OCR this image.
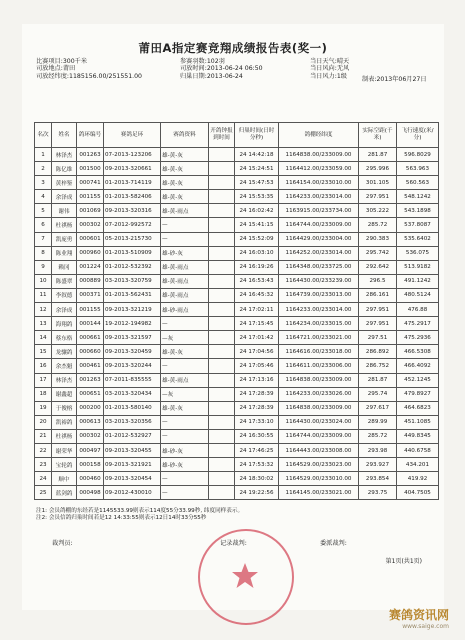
莆田A指定赛竞翔成绩报告表(奖一)
比赛项目: 300千米
司放地点: 莆田
司放经纬度: 1185156.00/251551.00
参赛羽数: 102羽
司放时间: 2013-06-24 06:50
归巢日期: 2013-06-24
当日天气: 晴天
当日风向: 无风
当日风力: 1级 制表:2013年06月27日
名次	姓名	鸽环编号	赛鸽足环	赛鸽资料	开鸽钟报到时间	归巢时间(日时分秒)	鸽棚经纬度	实际空距(千米)	飞行速度(米/分)
1	林泽杰	001263	07-2013-123206	雄-黄-灰		24 14:42:18	1164838.00/233009.00	281.87	596.8029
2	陈亿维	001500	09-2013-320661	雄-黄-灰		24 15:24:51	1164412.00/233059.00	295.996	563.963
3	黄梓鉴	000741	01-2013-714119	雄-黄-灰		24 15:47:53	1164154.00/233010.00	301.105	560.563
4	余泽成	001155	01-2013-582406	雄-黄-灰		24 15:53:35	1164233.00/233014.00	297.951	548.1242
5	谢伟	001069	09-2013-320316	雄-黄-雨点		24 16:02:42	1163915.00/233734.00	305.222	543.1898
6	杜祺杨	000302	07-2012-992572	—		24 15:41:15	1164744.00/233009.00	285.72	537.8087
7	凯庞勇	000601	05-2013-215730	—		24 15:52:09	1164429.00/233004.00	290.383	535.6402
8	陈业翔	000960	01-2013-510909	雄-砂-灰		24 16:03:10	1164252.00/233014.00	295.742	536.075
9	赖冈	001224	01-2012-532392	雄-黄-雨点		24 16:19:26	1164348.00/233725.00	292.642	513.9182
10	陈盛翠	000889	03-2013-320759	雄-黄-雨点		24 16:53:43	1164430.00/233239.00	296.5	491.1242
11	李叙德	000371	01-2013-562431	雄-黄-雨点		24 16:45:32	1164739.00/233013.00	286.161	480.5124
12	余泽成	001155	09-2013-321219	雄-砂-雨点		24 17:02:11	1164233.00/233014.00	297.951	476.88
13	海翔鸽	000144	19-2012-194982	—		24 17:15:45	1164234.00/233015.00	297.951	475.2917
14	蔡东格	000661	09-2013-321597	—灰		24 17:01:42	1164721.00/233021.00	297.51	475.2936
15	龙骧鸽	000660	09-2013-320459	雄-黄-灰		24 17:04:56	1164616.00/233018.00	286.892	466.5308
16	余杰魁	000461	09-2013-320244	—		24 17:05:46	1164611.00/233006.00	286.752	466.4092
17	林泽杰	001263	07-2011-835555	雄-黄-雨点		24 17:13:16	1164838.00/233009.00	281.87	452.1245
18	谢鑫超	000651	03-2013-320434	—灰		24 17:28:39	1164233.00/233026.00	295.74	479.8927
19	于俊榕	000200	01-2013-580140	雄-黄-灰		24 17:28:39	1164838.00/233009.00	297.617	464.6823
20	凯裕鸽	000613	03-2013-320356	—		24 17:33:10	1164430.00/233024.00	289.99	451.1085
21	杜祺杨	000302	01-2012-532927	—		24 16:30:55	1164744.00/233009.00	285.72	449.8345
22	谢荣华	000497	09-2013-320455	雄-砂-灰		24 17:46:25	1164443.00/233008.00	293.98	440.6758
23	宝轮鸽	000158	09-2013-321921	雄-砂-灰		24 17:53:32	1164529.00/233023.00	293.927	434.201
24	顺中	000460	09-2013-320454	—		24 18:30:02	1164529.00/233010.00	293.854	419.92
25	蓝剑鸽	000498	09-2012-430010	—		24 19:22:56	1164145.00/233021.00	293.75	404.7505
注1: 会员鸽棚的东经若是1145533.99则表示114度55分33.99秒, 纬度同样表示。
注2: 会员信鸽归巢时间若是12 14:33:55则表示12日14时33分55秒
裁判员:	记录裁判:	委派裁判:
第1页(共1页)
赛鸽资讯网
www.saige.com
